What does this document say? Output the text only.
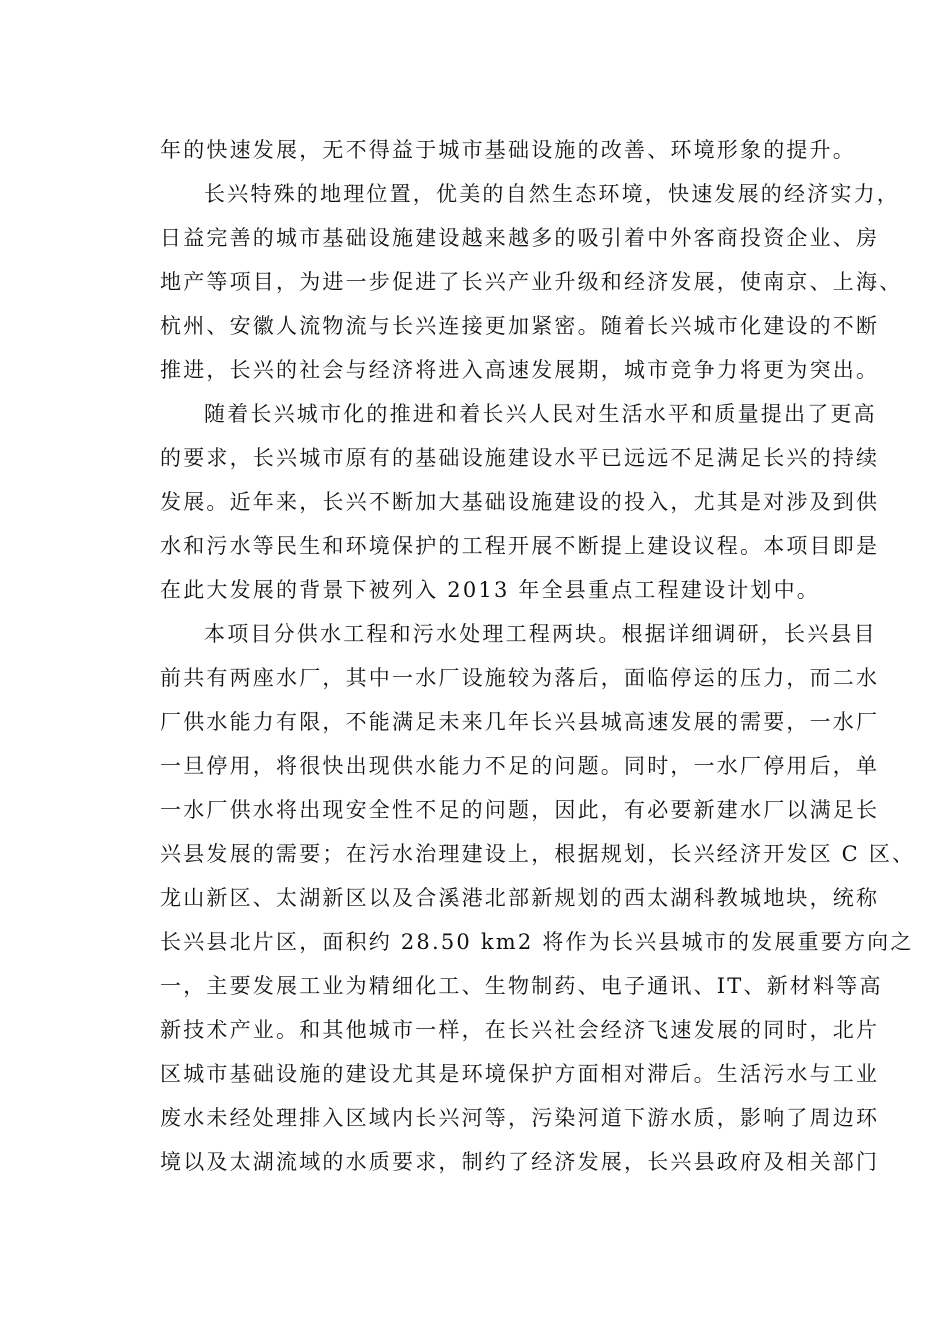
年的快速发展，无不得益于城市基础设施的改善、环境形象的提升。
长兴特殊的地理位置，优美的自然生态环境，快速发展的经济实力，
日益完善的城市基础设施建设越来越多的吸引着中外客商投资企业、房
地产等项目，为进一步促进了长兴产业升级和经济发展，使南京、上海、
杭州、安徽人流物流与长兴连接更加紧密。随着长兴城市化建设的不断
推进，长兴的社会与经济将进入高速发展期，城市竞争力将更为突出。
随着长兴城市化的推进和着长兴人民对生活水平和质量提出了更高
的要求，长兴城市原有的基础设施建设水平已远远不足满足长兴的持续
发展。近年来，长兴不断加大基础设施建设的投入，尤其是对涉及到供
水和污水等民生和环境保护的工程开展不断提上建设议程。本项目即是
在此大发展的背景下被列入 2013 年全县重点工程建设计划中。
本项目分供水工程和污水处理工程两块。根据详细调研，长兴县目
前共有两座水厂，其中一水厂设施较为落后，面临停运的压力，而二水
厂供水能力有限，不能满足未来几年长兴县城高速发展的需要，一水厂
一旦停用，将很快出现供水能力不足的问题。同时，一水厂停用后，单
一水厂供水将出现安全性不足的问题，因此，有必要新建水厂以满足长
兴县发展的需要；在污水治理建设上，根据规划，长兴经济开发区 C 区、
龙山新区、太湖新区以及合溪港北部新规划的西太湖科教城地块，统称
长兴县北片区，面积约 28.50 km2 将作为长兴县城市的发展重要方向之
一，主要发展工业为精细化工、生物制药、电子通讯、IT、新材料等高
新技术产业。和其他城市一样，在长兴社会经济飞速发展的同时，北片
区城市基础设施的建设尤其是环境保护方面相对滞后。生活污水与工业
废水未经处理排入区域内长兴河等，污染河道下游水质，影响了周边环
境以及太湖流域的水质要求，制约了经济发展，长兴县政府及相关部门
